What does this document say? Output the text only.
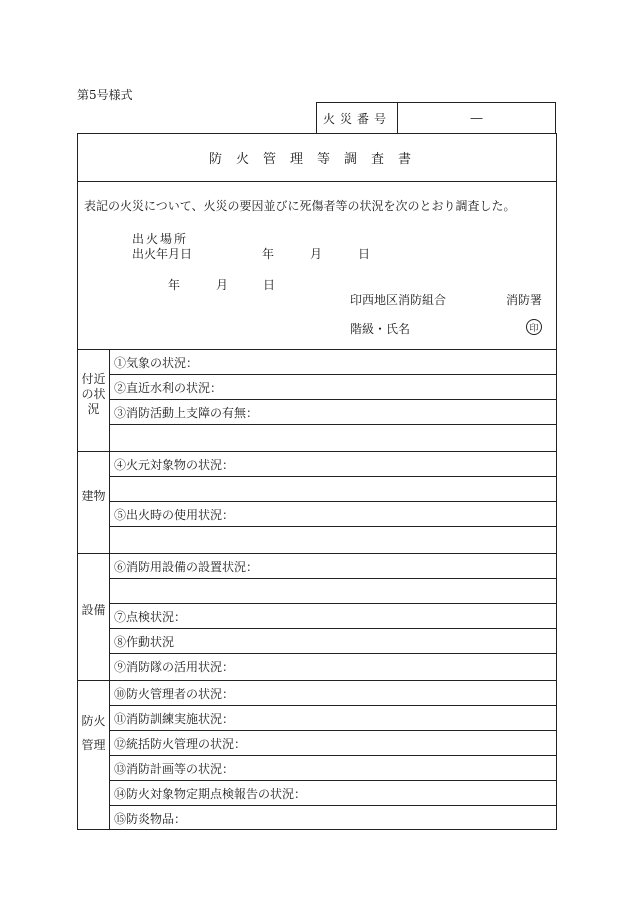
第5号様式
火災番号	―
防火管理等調査書
表記の火災について、火災の要因並びに死傷者等の状況を次のとおり調査した。
出火場所
出火年月日	年	月	日
年	月	日
印西地区消防組合	消防署
階級・氏名	印
付近の状況
①気象の状況：
②直近水利の状況：
③消防活動上支障の有無：
建物
④火元対象物の状況：
⑤出火時の使用状況：
設備
⑥消防用設備の設置状況：
⑦点検状況：
⑧作動状況
⑨消防隊の活用状況：
防火管理
⑩防火管理者の状況：
⑪消防訓練実施状況：
⑫統括防火管理の状況：
⑬消防計画等の状況：
⑭防火対象物定期点検報告の状況：
⑮防炎物品：
